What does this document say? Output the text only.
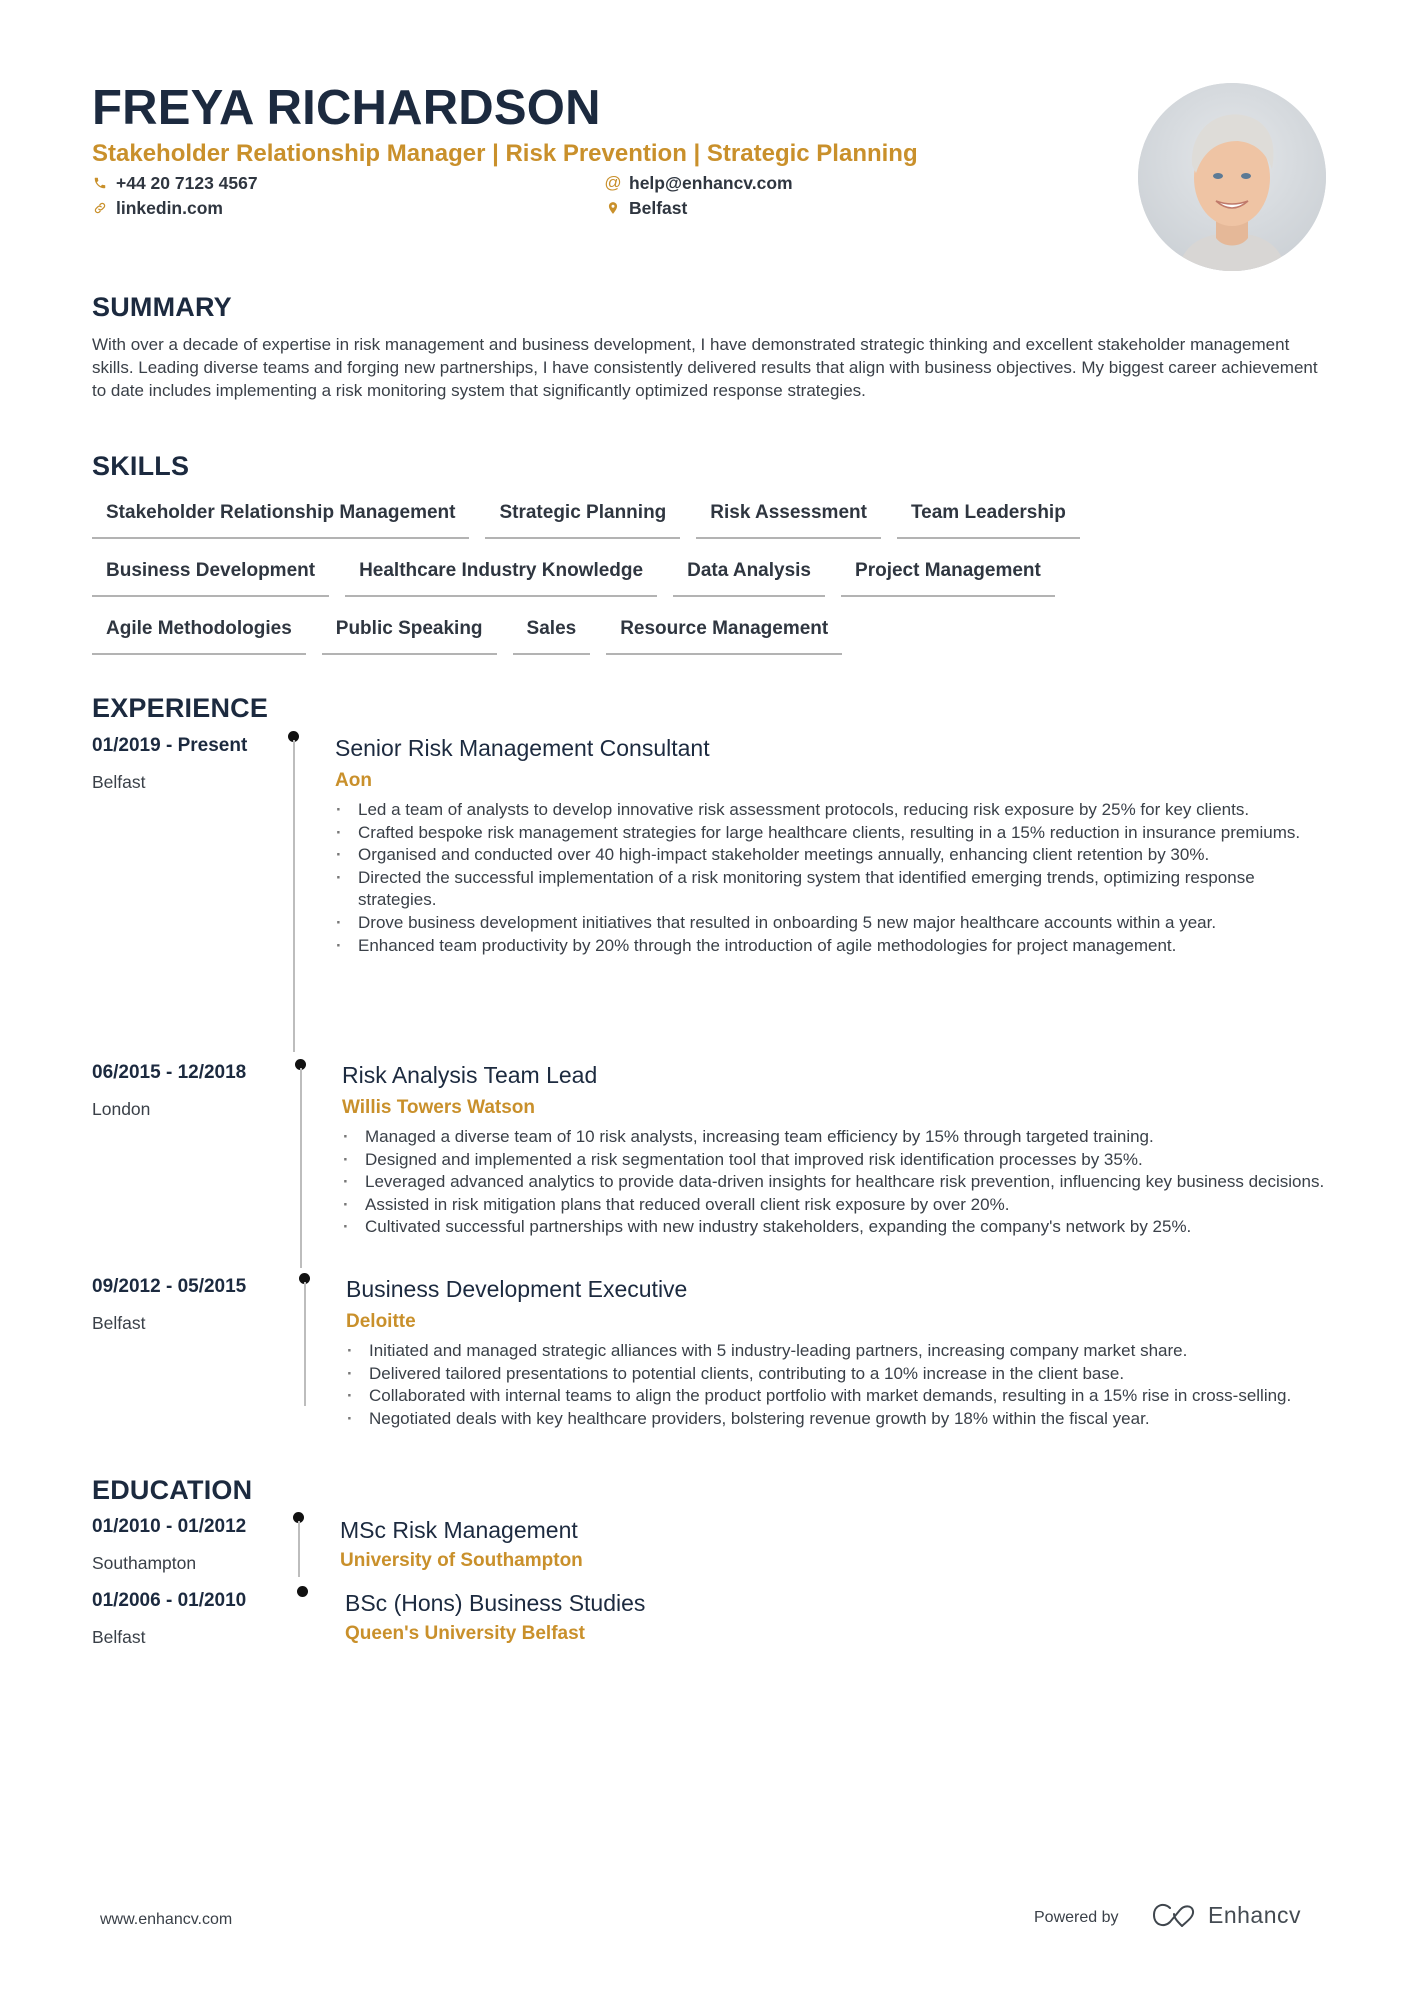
FREYA RICHARDSON
Stakeholder Relationship Manager | Risk Prevention | Strategic Planning
+44 20 7123 4567
linkedin.com
@ help@enhancv.com
Belfast
SUMMARY

With over a decade of expertise in risk management and business development, I have demonstrated strategic thinking and excellent stakeholder management skills. Leading diverse teams and forging new partnerships, I have consistently delivered results that align with business objectives. My biggest career achievement to date includes implementing a risk monitoring system that significantly optimized response strategies.

SKILLS
Stakeholder Relationship Management	Strategic Planning	Risk Assessment	Team Leadership
Business Development	Healthcare Industry Knowledge	Data Analysis	Project Management
Agile Methodologies	Public Speaking	Sales	Resource Management
EXPERIENCE
01/2019 - Present
Belfast
Senior Risk Management Consultant
Aon
· Led a team of analysts to develop innovative risk assessment protocols, reducing risk exposure by 25% for key clients.
· Crafted bespoke risk management strategies for large healthcare clients, resulting in a 15% reduction in insurance premiums.
· Organised and conducted over 40 high-impact stakeholder meetings annually, enhancing client retention by 30%.
· Directed the successful implementation of a risk monitoring system that identified emerging trends, optimizing response strategies.
· Drove business development initiatives that resulted in onboarding 5 new major healthcare accounts within a year.
· Enhanced team productivity by 20% through the introduction of agile methodologies for project management.
06/2015 - 12/2018
London
Risk Analysis Team Lead
Willis Towers Watson
· Managed a diverse team of 10 risk analysts, increasing team efficiency by 15% through targeted training.
· Designed and implemented a risk segmentation tool that improved risk identification processes by 35%.
· Leveraged advanced analytics to provide data-driven insights for healthcare risk prevention, influencing key business decisions.
· Assisted in risk mitigation plans that reduced overall client risk exposure by over 20%.
· Cultivated successful partnerships with new industry stakeholders, expanding the company's network by 25%.
09/2012 - 05/2015
Belfast
Business Development Executive
Deloitte
· Initiated and managed strategic alliances with 5 industry-leading partners, increasing company market share.
· Delivered tailored presentations to potential clients, contributing to a 10% increase in the client base.
· Collaborated with internal teams to align the product portfolio with market demands, resulting in a 15% rise in cross-selling.
· Negotiated deals with key healthcare providers, bolstering revenue growth by 18% within the fiscal year.
EDUCATION
01/2010 - 01/2012
Southampton
MSc Risk Management
University of Southampton
01/2006 - 01/2010
Belfast
BSc (Hons) Business Studies
Queen's University Belfast
www.enhancv.com	Powered by	Enhancv
